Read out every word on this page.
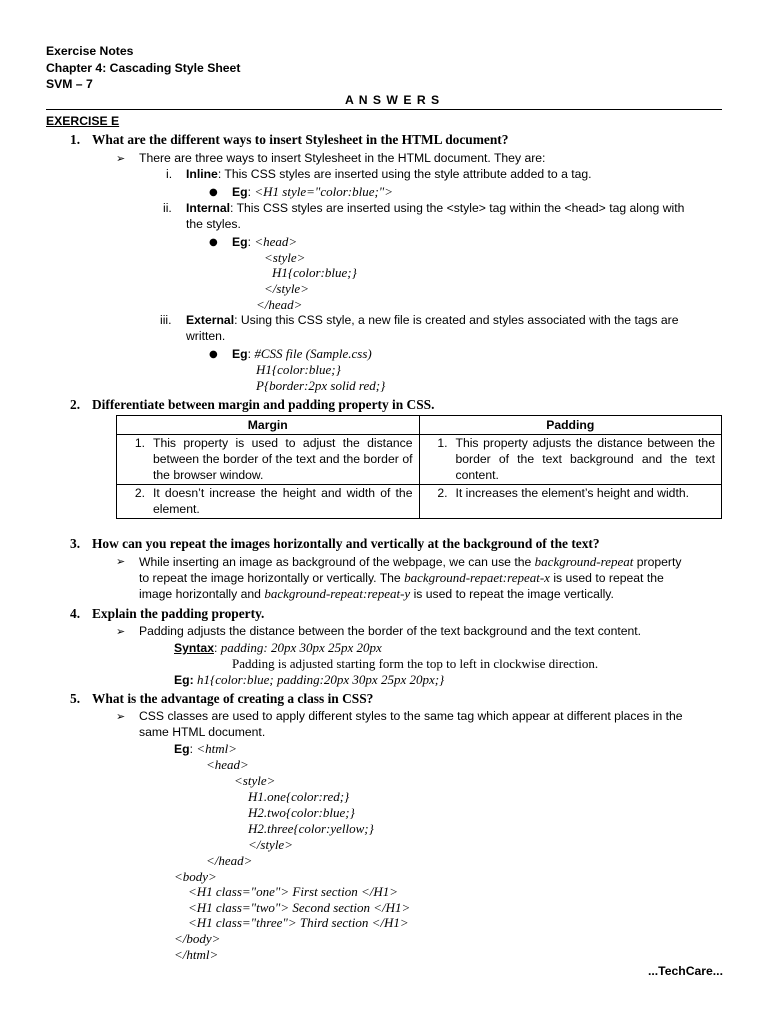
Exercise Notes
Chapter 4: Cascading Style Sheet
SVM – 7
A N S W E R S
EXERCISE E
1. What are the different ways to insert Stylesheet in the HTML document?
➢ There are three ways to insert Stylesheet in the HTML document. They are:
i. Inline: This CSS styles are inserted using the style attribute added to a tag.
● Eg: <H1 style="color:blue;">
ii. Internal: This CSS styles are inserted using the <style> tag within the <head> tag along with
the styles.
● Eg: <head>
<style>
H1{color:blue;}
</style>
</head>
iii. External: Using this CSS style, a new file is created and styles associated with the tags are
written.
● Eg: #CSS file (Sample.css)
H1{color:blue;}
P{border:2px solid red;}
2. Differentiate between margin and padding property in CSS.
Margin	Padding

1. This property is used to adjust the distance between the border of the text and the border of the browser window.	1. This property adjusts the distance between the border of the text background and the text content.

2. It doesn’t increase the height and width of the element.	2. It increases the element’s height and width.
3. How can you repeat the images horizontally and vertically at the background of the text?
➢ While inserting an image as background of the webpage, we can use the background-repeat property
to repeat the image horizontally or vertically. The background-repaet:repeat-x is used to repeat the
image horizontally and background-repeat:repeat-y is used to repeat the image vertically.
4. Explain the padding property.
➢ Padding adjusts the distance between the border of the text background and the text content.
Syntax: padding: 20px 30px 25px 20px
Padding is adjusted starting form the top to left in clockwise direction.
Eg: h1{color:blue; padding:20px 30px 25px 20px;}
5. What is the advantage of creating a class in CSS?
➢ CSS classes are used to apply different styles to the same tag which appear at different places in the
same HTML document.
Eg: <html>
<head>
<style>
H1.one{color:red;}
H2.two{color:blue;}
H2.three{color:yellow;}
</style>
</head>
<body>
<H1 class="one"> First section </H1>
<H1 class="two"> Second section </H1>
<H1 class="three"> Third section </H1>
</body>
</html>
...TechCare...
